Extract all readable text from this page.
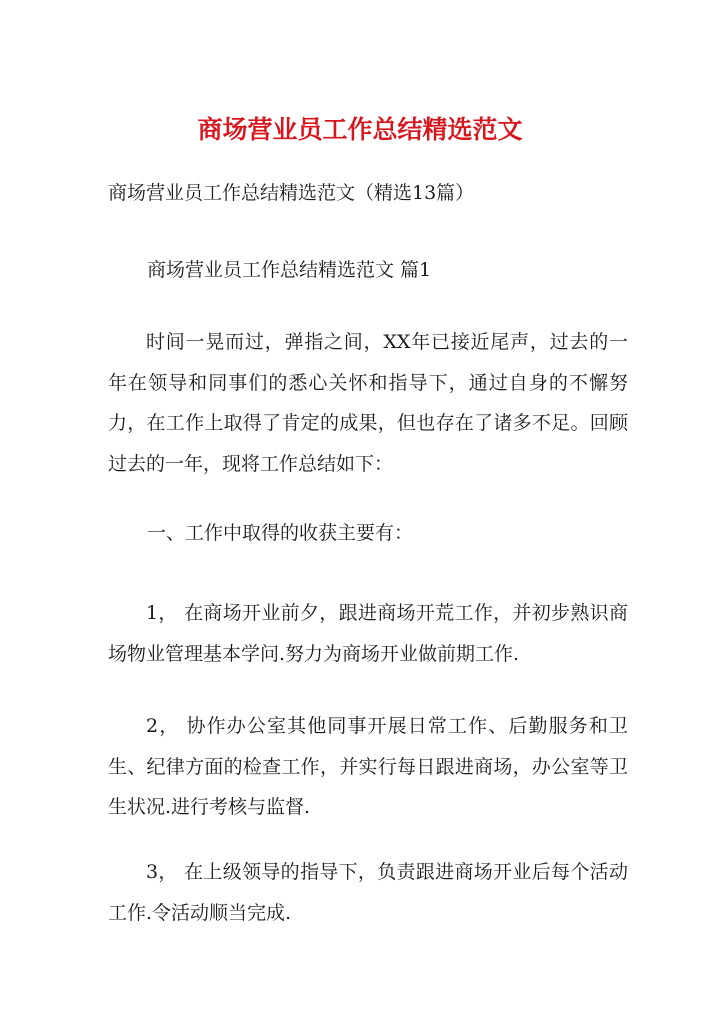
商场营业员工作总结精选范文

商场营业员工作总结精选范文（精选13篇）

商场营业员工作总结精选范文 篇1

时间一晃而过，弹指之间，XX年已接近尾声，过去的一年在领导和同事们的悉心关怀和指导下，通过自身的不懈努力，在工作上取得了肯定的成果，但也存在了诸多不足。回顾过去的一年，现将工作总结如下：

一、工作中取得的收获主要有：

1， 在商场开业前夕，跟进商场开荒工作，并初步熟识商场物业管理基本学问.努力为商场开业做前期工作.

2， 协作办公室其他同事开展日常工作、后勤服务和卫生、纪律方面的检查工作，并实行每日跟进商场，办公室等卫生状况.进行考核与监督.

3， 在上级领导的指导下，负责跟进商场开业后每个活动工作.令活动顺当完成.
